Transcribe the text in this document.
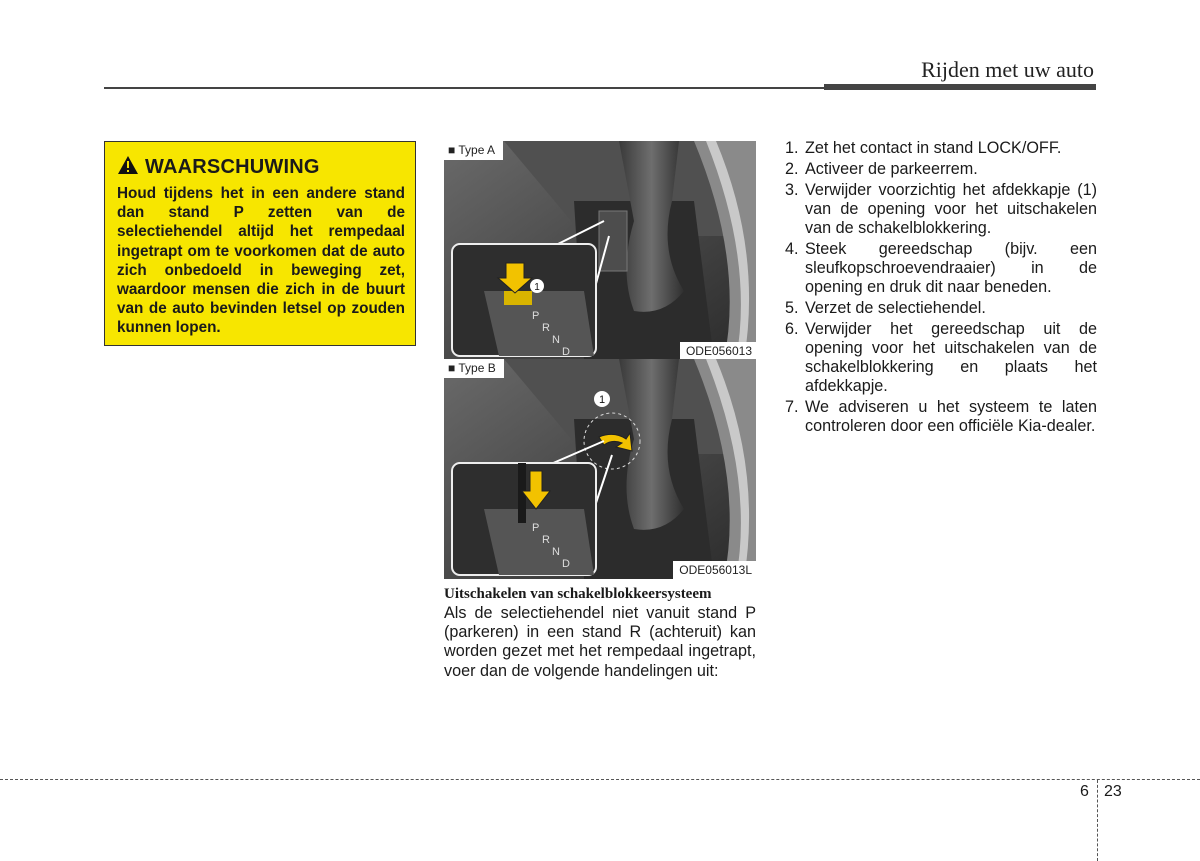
Rijden met uw auto
WAARSCHUWING
Houd tijdens het in een andere stand dan stand P zetten van de selectiehendel altijd het rempedaal ingetrapt om te voorkomen dat de auto zich onbedoeld in beweging zet, waardoor mensen die zich in de buurt van de auto bevinden letsel op zouden kunnen lopen.
1
P
R
N
D
■ Type A
ODE056013
1
P
R
N
D
■ Type B
ODE056013L
Uitschakelen van schakelblokkeersysteem
Als de selectiehendel niet vanuit stand P (parkeren) in een stand R (achteruit) kan worden gezet met het rempedaal ingetrapt, voer dan de volgende handelingen uit:
1. Zet het contact in stand LOCK/OFF.
2. Activeer de parkeerrem.
3. Verwijder voorzichtig het afdekkapje (1) van de opening voor het uitschakelen van de schakelblokkering.
4. Steek gereedschap (bijv. een sleufkopschroevendraaier) in de opening en druk dit naar beneden.
5. Verzet de selectiehendel.
6. Verwijder het gereedschap uit de opening voor het uitschakelen van de schakelblokkering en plaats het afdekkapje.
7. We adviseren u het systeem te laten controleren door een officiële Kia-dealer.
6 23
